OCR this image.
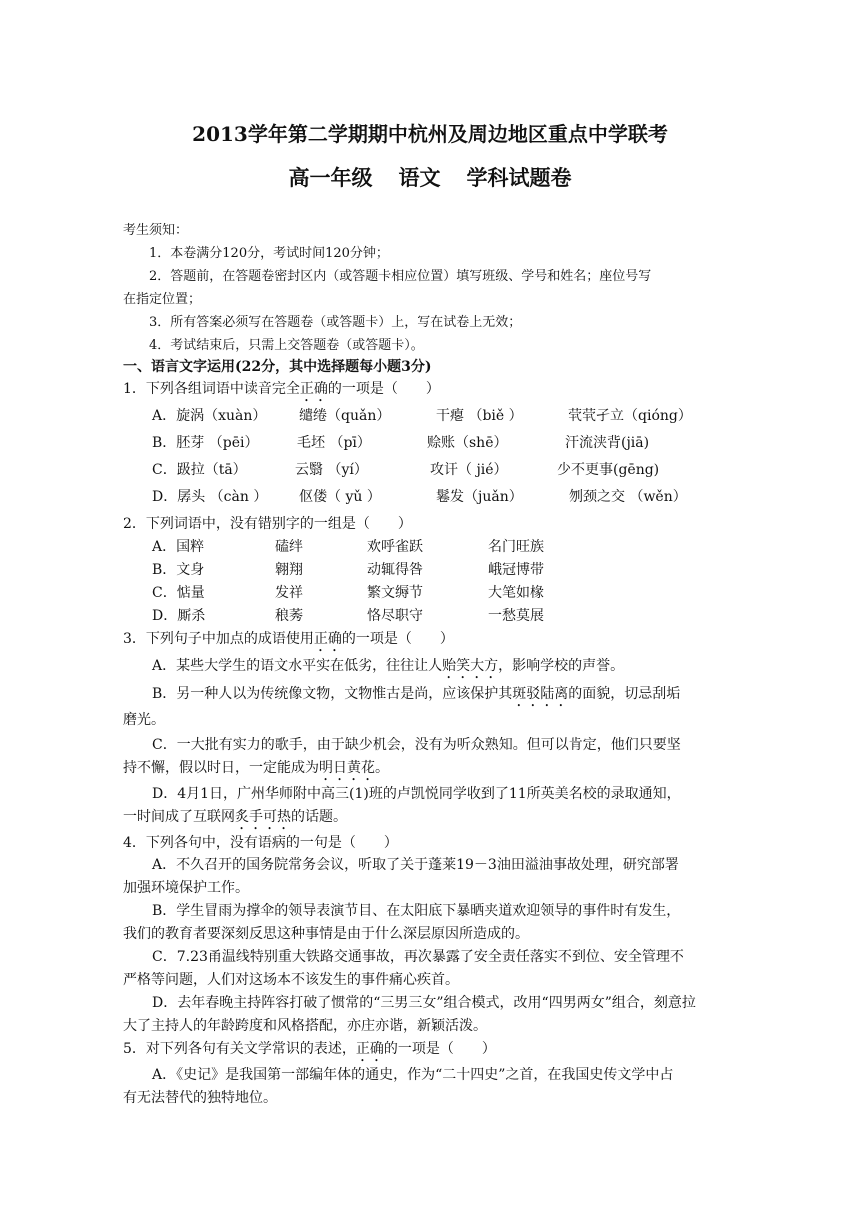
2013学年第二学期期中杭州及周边地区重点中学联考
高一年级 语文 学科试题卷
考生须知：
1．本卷满分120分，考试时间120分钟；
2．答题前，在答题卷密封区内（或答题卡相应位置）填写班级、学号和姓名；座位号写
在指定位置；
3．所有答案必须写在答题卷（或答题卡）上，写在试卷上无效；
4．考试结束后，只需上交答题卷（或答题卡）。
一、语言文字运用(22分，其中选择题每小题3分)
1．下列各组词语中读音完全正确的一项是（　　）
A．旋涡（xuàn） 缱绻（quǎn）	干瘪 （biě ）	茕茕孑立（qióng）
B．胚芽 （pēi）	毛坯 （pī）	赊账（shē）	汗流浃背(jiā)
C．趿拉（tā）	云翳 （yí）	攻讦（ jié）	少不更事(gēng)
D．孱头 （càn ） 伛偻（ yǔ ）	鬈发（juǎn）	刎颈之交 （wěn）
2．下列词语中，没有错别字的一组是（　　）
A．国粹	磕绊	欢呼雀跃	名门旺族
B．文身	翱翔	动辄得咎	峨冠博带
C．惦量	发祥	繁文缛节	大笔如椽
D．厮杀	稂莠	恪尽职守	一愁莫展
3．下列句子中加点的成语使用正确的一项是（　　）
A．某些大学生的语文水平实在低劣，往往让人贻笑大方，影响学校的声誉。
B．另一种人以为传统像文物，文物惟古是尚，应该保护其斑驳陆离的面貌，切忌刮垢
磨光。
C．一大批有实力的歌手，由于缺少机会，没有为听众熟知。但可以肯定，他们只要坚
持不懈，假以时日，一定能成为明日黄花。
D．4月1日，广州华师附中高三(1)班的卢凯悦同学收到了11所英美名校的录取通知，
一时间成了互联网炙手可热的话题。
4．下列各句中，没有语病的一句是（　　）
A．不久召开的国务院常务会议，听取了关于蓬莱19－3油田溢油事故处理，研究部署
加强环境保护工作。
B．学生冒雨为撑伞的领导表演节目、在太阳底下暴晒夹道欢迎领导的事件时有发生，
我们的教育者要深刻反思这种事情是由于什么深层原因所造成的。
C．7.23甬温线特别重大铁路交通事故，再次暴露了安全责任落实不到位、安全管理不
严格等问题，人们对这场本不该发生的事件痛心疾首。
D．去年春晚主持阵容打破了惯常的“三男三女”组合模式，改用“四男两女”组合，刻意拉
大了主持人的年龄跨度和风格搭配，亦庄亦谐，新颖活泼。
5．对下列各句有关文学常识的表述，正确的一项是（　　）
A．《史记》是我国第一部编年体的通史，作为“二十四史”之首，在我国史传文学中占
有无法替代的独特地位。
